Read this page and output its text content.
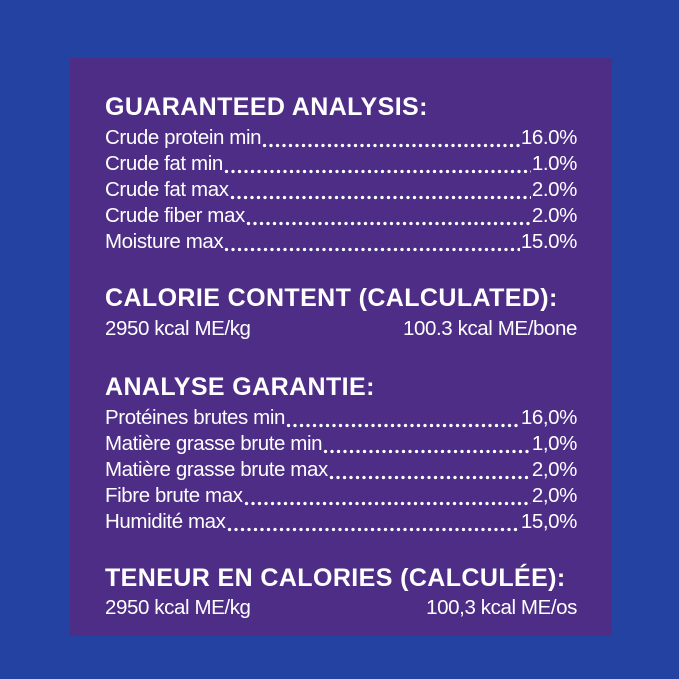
GUARANTEED ANALYSIS:
Crude protein min	16.0%
Crude fat min	1.0%
Crude fat max	2.0%
Crude fiber max	2.0%
Moisture max	15.0%
CALORIE CONTENT (CALCULATED):
2950 kcal ME/kg	100.3 kcal ME/bone
ANALYSE GARANTIE:
Protéines brutes min	16,0%
Matière grasse brute min	1,0%
Matière grasse brute max	2,0%
Fibre brute max	2,0%
Humidité max	15,0%
TENEUR EN CALORIES (CALCULÉE):
2950 kcal ME/kg	100,3 kcal ME/os
